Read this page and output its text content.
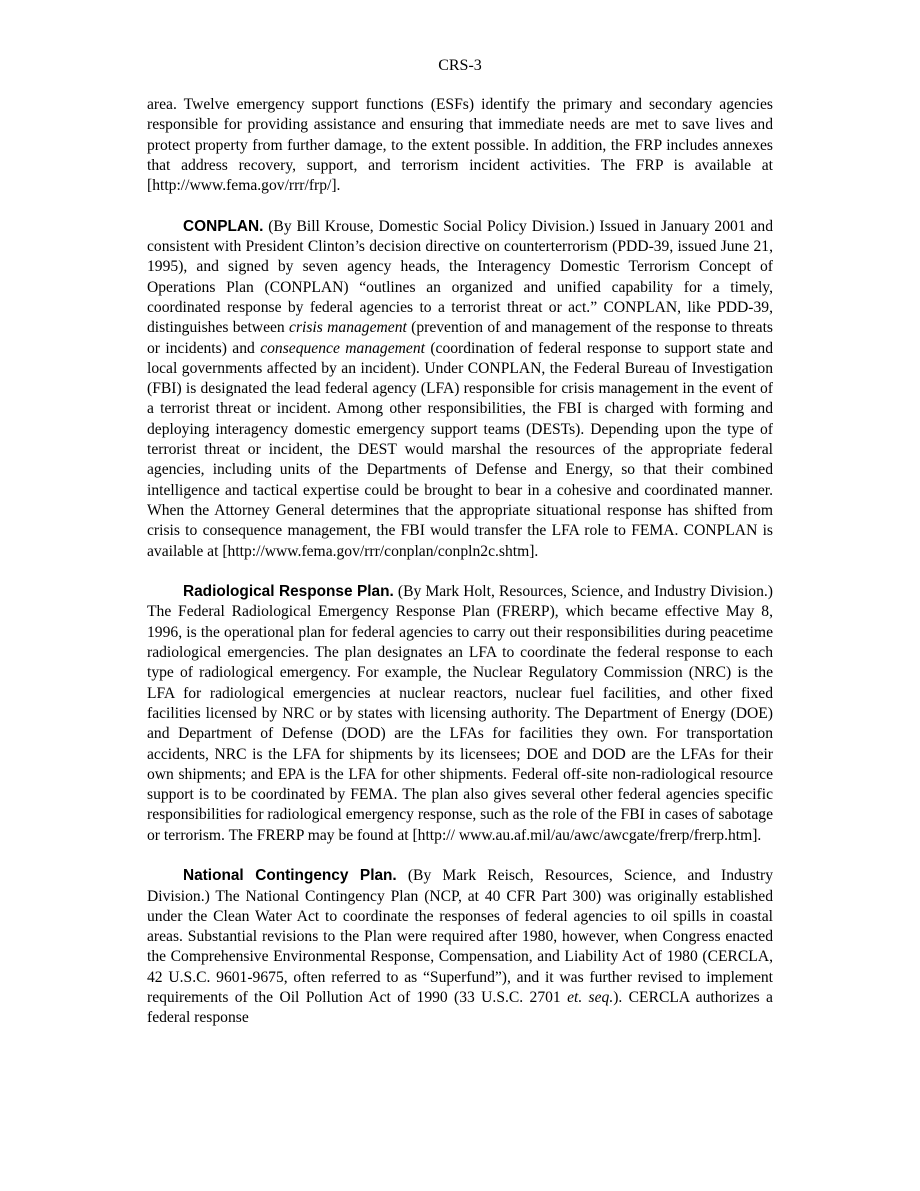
CRS-3

area. Twelve emergency support functions (ESFs) identify the primary and secondary agencies responsible for providing assistance and ensuring that immediate needs are met to save lives and protect property from further damage, to the extent possible. In addition, the FRP includes annexes that address recovery, support, and terrorism incident activities. The FRP is available at [http://www.fema.gov/rrr/frp/].

CONPLAN. (By Bill Krouse, Domestic Social Policy Division.) Issued in January 2001 and consistent with President Clinton’s decision directive on counterterrorism (PDD-39, issued June 21, 1995), and signed by seven agency heads, the Interagency Domestic Terrorism Concept of Operations Plan (CONPLAN) “outlines an organized and unified capability for a timely, coordinated response by federal agencies to a terrorist threat or act.” CONPLAN, like PDD-39, distinguishes between crisis management (prevention of and management of the response to threats or incidents) and consequence management (coordination of federal response to support state and local governments affected by an incident). Under CONPLAN, the Federal Bureau of Investigation (FBI) is designated the lead federal agency (LFA) responsible for crisis management in the event of a terrorist threat or incident. Among other responsibilities, the FBI is charged with forming and deploying interagency domestic emergency support teams (DESTs). Depending upon the type of terrorist threat or incident, the DEST would marshal the resources of the appropriate federal agencies, including units of the Departments of Defense and Energy, so that their combined intelligence and tactical expertise could be brought to bear in a cohesive and coordinated manner. When the Attorney General determines that the appropriate situational response has shifted from crisis to consequence management, the FBI would transfer the LFA role to FEMA. CONPLAN is available at [http://www.fema.gov/rrr/conplan/conpln2c.shtm].

Radiological Response Plan. (By Mark Holt, Resources, Science, and Industry Division.) The Federal Radiological Emergency Response Plan (FRERP), which became effective May 8, 1996, is the operational plan for federal agencies to carry out their responsibilities during peacetime radiological emergencies. The plan designates an LFA to coordinate the federal response to each type of radiological emergency. For example, the Nuclear Regulatory Commission (NRC) is the LFA for radiological emergencies at nuclear reactors, nuclear fuel facilities, and other fixed facilities licensed by NRC or by states with licensing authority. The Department of Energy (DOE) and Department of Defense (DOD) are the LFAs for facilities they own. For transportation accidents, NRC is the LFA for shipments by its licensees; DOE and DOD are the LFAs for their own shipments; and EPA is the LFA for other shipments. Federal off-site non-radiological resource support is to be coordinated by FEMA. The plan also gives several other federal agencies specific responsibilities for radiological emergency response, such as the role of the FBI in cases of sabotage or terrorism. The FRERP may be found at [http:// www.au.af.mil/au/awc/awcgate/frerp/frerp.htm].

National Contingency Plan. (By Mark Reisch, Resources, Science, and Industry Division.) The National Contingency Plan (NCP, at 40 CFR Part 300) was originally established under the Clean Water Act to coordinate the responses of federal agencies to oil spills in coastal areas. Substantial revisions to the Plan were required after 1980, however, when Congress enacted the Comprehensive Environmental Response, Compensation, and Liability Act of 1980 (CERCLA, 42 U.S.C. 9601-9675, often referred to as “Superfund”), and it was further revised to implement requirements of the Oil Pollution Act of 1990 (33 U.S.C. 2701 et. seq.). CERCLA authorizes a federal response
